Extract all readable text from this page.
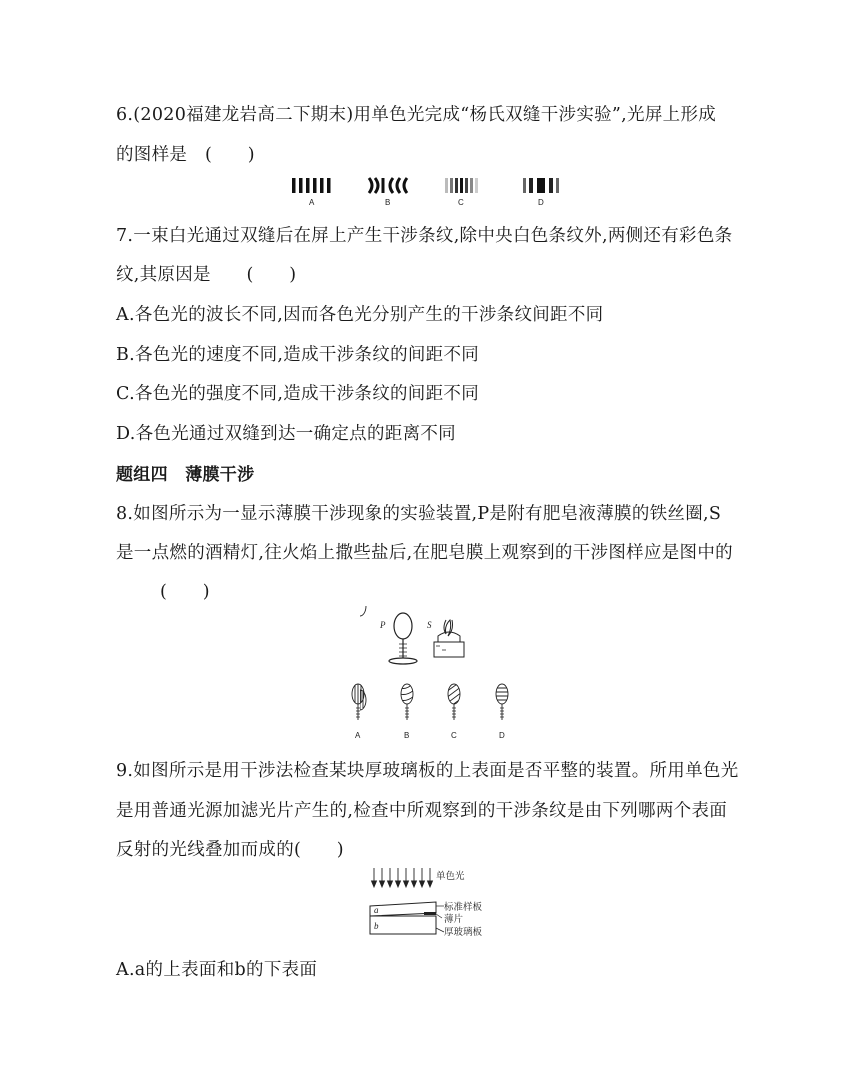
6.(2020福建龙岩高二下期末)用单色光完成“杨氏双缝干涉实验”,光屏上形成
的图样是　(　　)
A	B	C	D
7.一束白光通过双缝后在屏上产生干涉条纹,除中央白色条纹外,两侧还有彩色条
纹,其原因是　　(　　)
A.各色光的波长不同,因而各色光分别产生的干涉条纹间距不同
B.各色光的速度不同,造成干涉条纹的间距不同
C.各色光的强度不同,造成干涉条纹的间距不同
D.各色光通过双缝到达一确定点的距离不同
题组四　薄膜干涉
8.如图所示为一显示薄膜干涉现象的实验装置,P是附有肥皂液薄膜的铁丝圈,S
是一点燃的酒精灯,往火焰上撒些盐后,在肥皂膜上观察到的干涉图样应是图中的
(　　)
P	S
A	B	C	D
9.如图所示是用干涉法检查某块厚玻璃板的上表面是否平整的装置。所用单色光
是用普通光源加滤光片产生的,检查中所观察到的干涉条纹是由下列哪两个表面
反射的光线叠加而成的(　　)
单色光
a
b
标准样板
薄片
厚玻璃板
A.a的上表面和b的下表面
